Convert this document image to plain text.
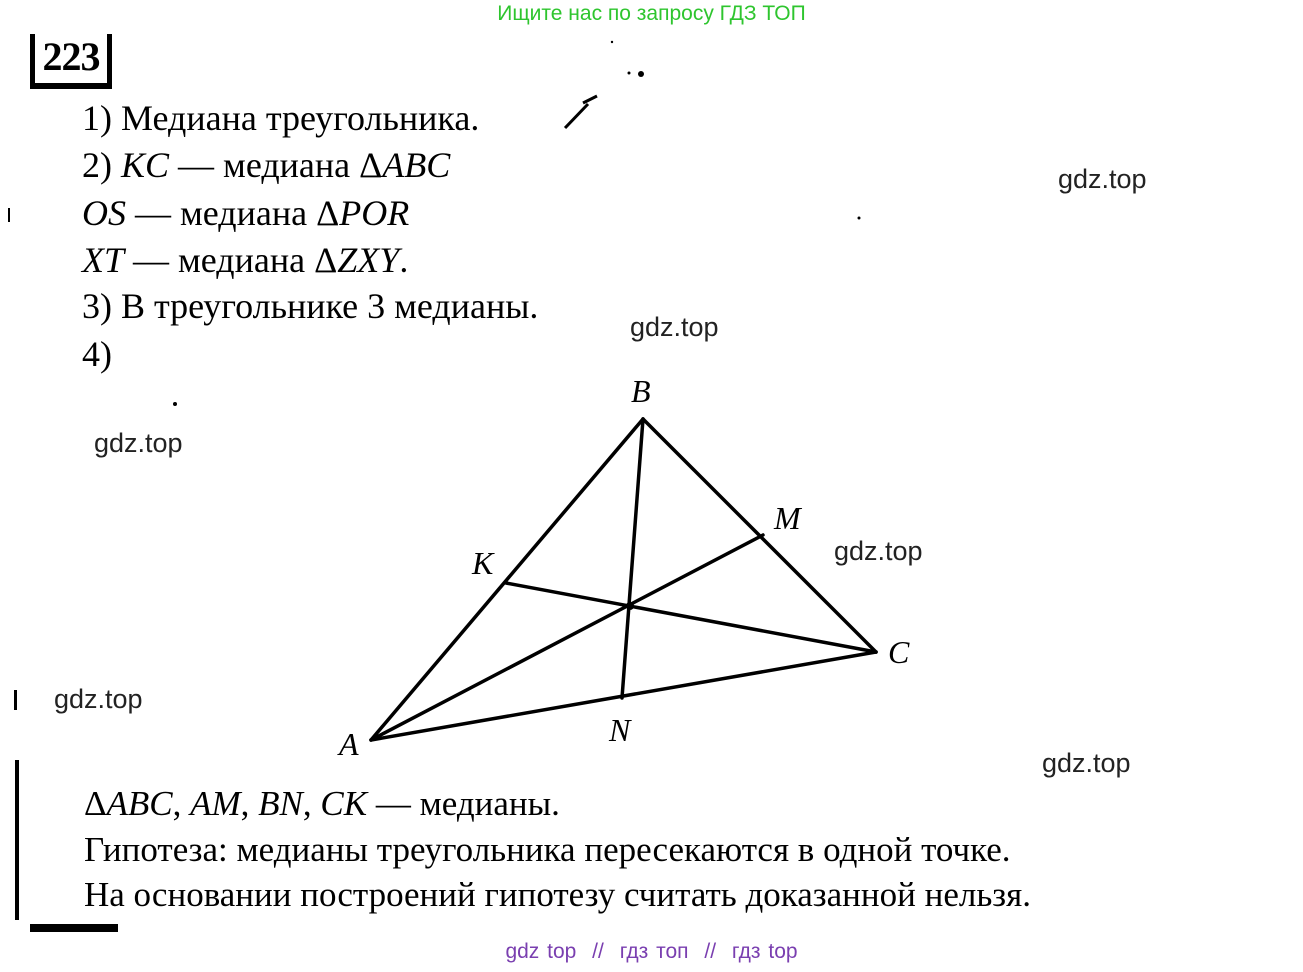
Ищите нас по запросу ГДЗ ТОП
223
1) Медиана треугольника.
2) KC — медиана ΔABC
OS — медиана ΔPOR
XT — медиана ΔZXY.
3) В треугольнике 3 медианы.
4)
B
M
K
C
N
A
ΔABC, AM, BN, CK — медианы.
Гипотеза: медианы треугольника пересекаются в одной точке.
На основании построений гипотезу считать доказанной нельзя.
gdz.top
gdz.top
gdz.top
gdz.top
gdz.top
gdz.top
gdz top // гдз топ // гдз top
